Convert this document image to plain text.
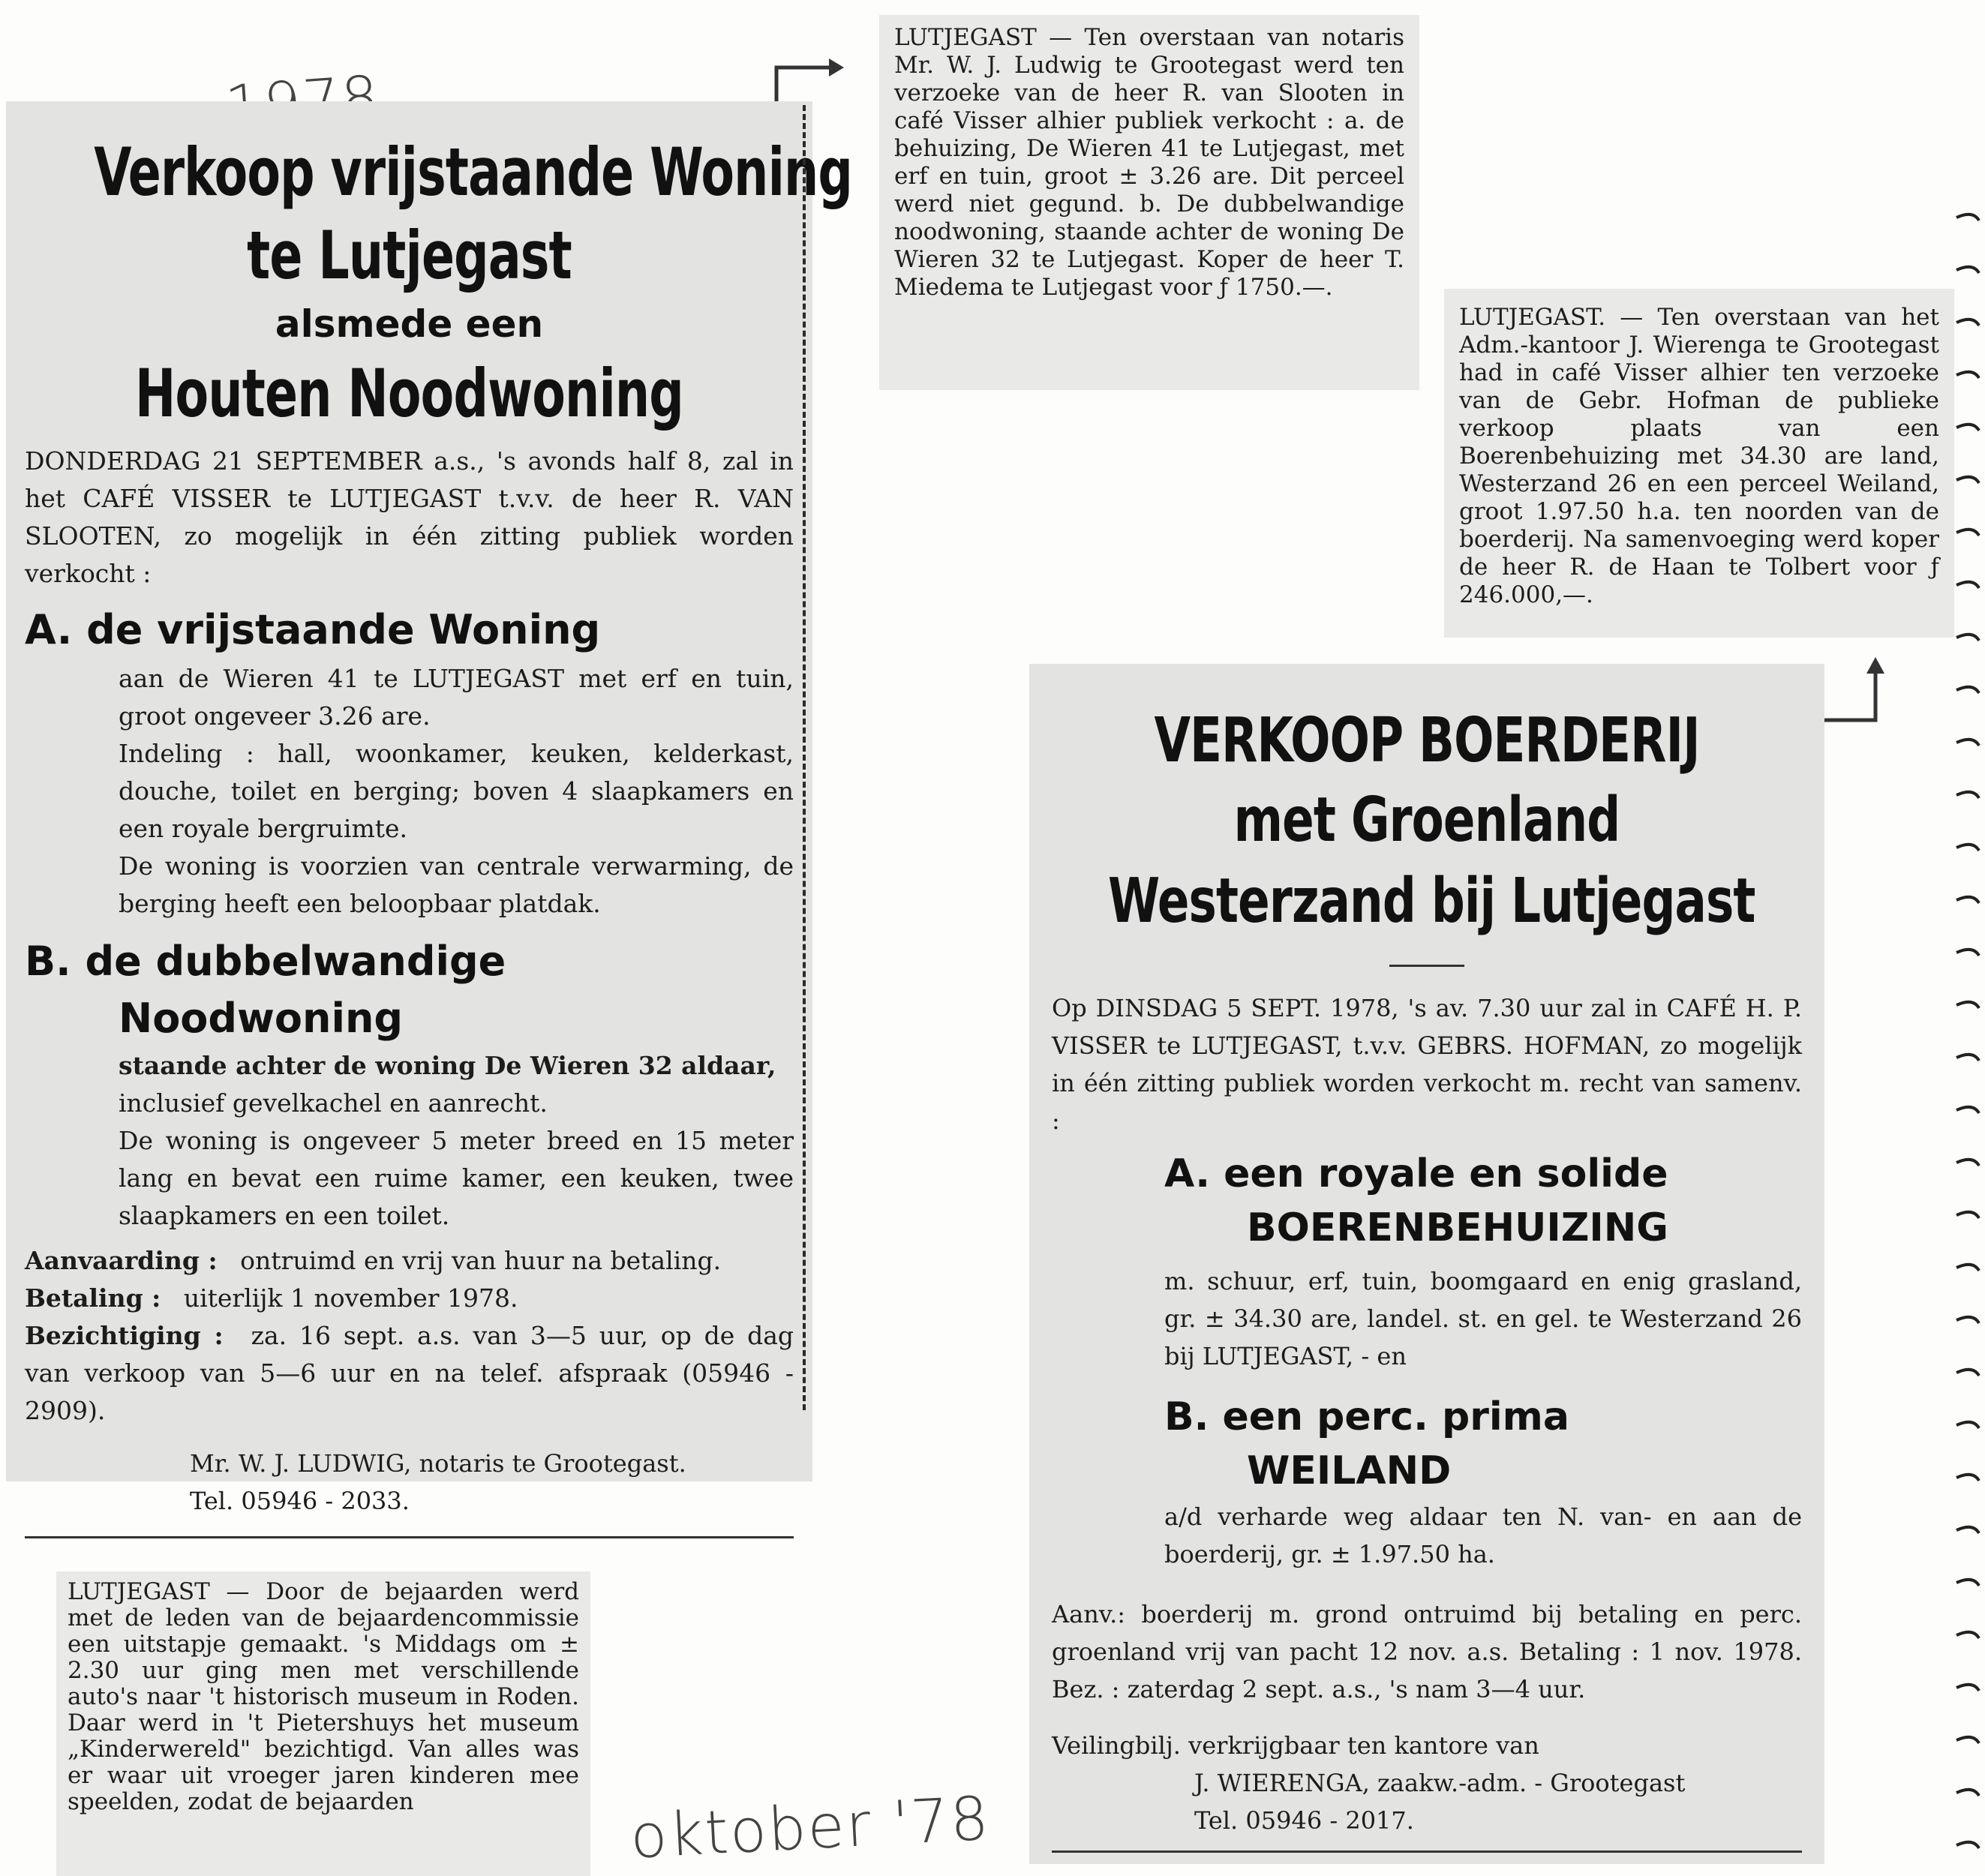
Verkoop vrijstaande Woning
te Lutjegast
alsmede een
Houten Noodwoning

DONDERDAG 21 SEPTEMBER a.s., 's avonds half 8, zal in het CAFÉ VISSER te LUTJEGAST t.v.v. de heer R. VAN SLOOTEN, zo mogelijk in één zitting publiek worden verkocht :

A. de vrijstaande Woning

aan de Wieren 41 te LUTJEGAST met erf en tuin, groot ongeveer 3.26 are.

Indeling : hall, woonkamer, keuken, kelderkast, douche, toilet en berging; boven 4 slaapkamers en een royale bergruimte.

De woning is voorzien van centrale verwarming, de berging heeft een beloopbaar platdak.

B. de dubbelwandige
Noodwoning

staande achter de woning De Wieren 32 aldaar,

inclusief gevelkachel en aanrecht.

De woning is ongeveer 5 meter breed en 15 meter lang en bevat een ruime kamer, een keuken, twee slaapkamers en een toilet.

Aanvaarding : ontruimd en vrij van huur na betaling.
Betaling : uiterlijk 1 november 1978.
Bezichtiging : za. 16 sept. a.s. van 3—5 uur, op de dag van verkoop van 5—6 uur en na telef. afspraak (05946 - 2909).
Mr. W. J. LUDWIG, notaris te Grootegast.
Tel. 05946 - 2033.

LUTJEGAST — Ten overstaan van notaris Mr. W. J. Ludwig te Grootegast werd ten verzoeke van de heer R. van Slooten in café Visser alhier publiek verkocht : a. de behuizing, De Wieren 41 te Lutjegast, met erf en tuin, groot ± 3.26 are. Dit perceel werd niet gegund. b. De dubbelwandige noodwoning, staande achter de woning De Wieren 32 te Lutjegast. Koper de heer T. Miedema te Lutjegast voor ƒ 1750.—.

LUTJEGAST. — Ten overstaan van het Adm.-kantoor J. Wierenga te Grootegast had in café Visser alhier ten verzoeke van de Gebr. Hofman de publieke verkoop plaats van een Boerenbehuizing met 34.30 are land, Westerzand 26 en een perceel Weiland, groot 1.97.50 h.a. ten noorden van de boerderij. Na samenvoeging werd koper de heer R. de Haan te Tolbert voor ƒ 246.000,—.

VERKOOP BOERDERIJ
met Groenland
Westerzand bij Lutjegast

Op DINSDAG 5 SEPT. 1978, 's av. 7.30 uur zal in CAFÉ H. P. VISSER te LUTJEGAST, t.v.v. GEBRS. HOFMAN, zo mogelijk in één zitting publiek worden verkocht m. recht van samenv. :

A. een royale en solide
BOERENBEHUIZING

m. schuur, erf, tuin, boomgaard en enig grasland, gr. ± 34.30 are, landel. st. en gel. te Westerzand 26 bij LUTJEGAST, - en

B. een perc. prima
WEILAND

a/d verharde weg aldaar ten N. van- en aan de boerderij, gr. ± 1.97.50 ha.

Aanv.: boerderij m. grond ontruimd bij betaling en perc. groenland vrij van pacht 12 nov. a.s. Betaling : 1 nov. 1978. Bez. : zaterdag 2 sept. a.s., 's nam 3—4 uur.

Veilingbilj. verkrijgbaar ten kantore van
J. WIERENGA, zaakw.-adm. - Grootegast
Tel. 05946 - 2017.

LUTJEGAST — Door de bejaarden werd met de leden van de bejaardencommissie een uitstapje gemaakt. 's Middags om ± 2.30 uur ging men met verschillende auto's naar 't historisch museum in Roden. Daar werd in 't Pietershuys het museum „Kinderwereld" bezichtigd. Van alles was er waar uit vroeger jaren kinderen mee speelden, zodat de bejaarden	oktober '78
